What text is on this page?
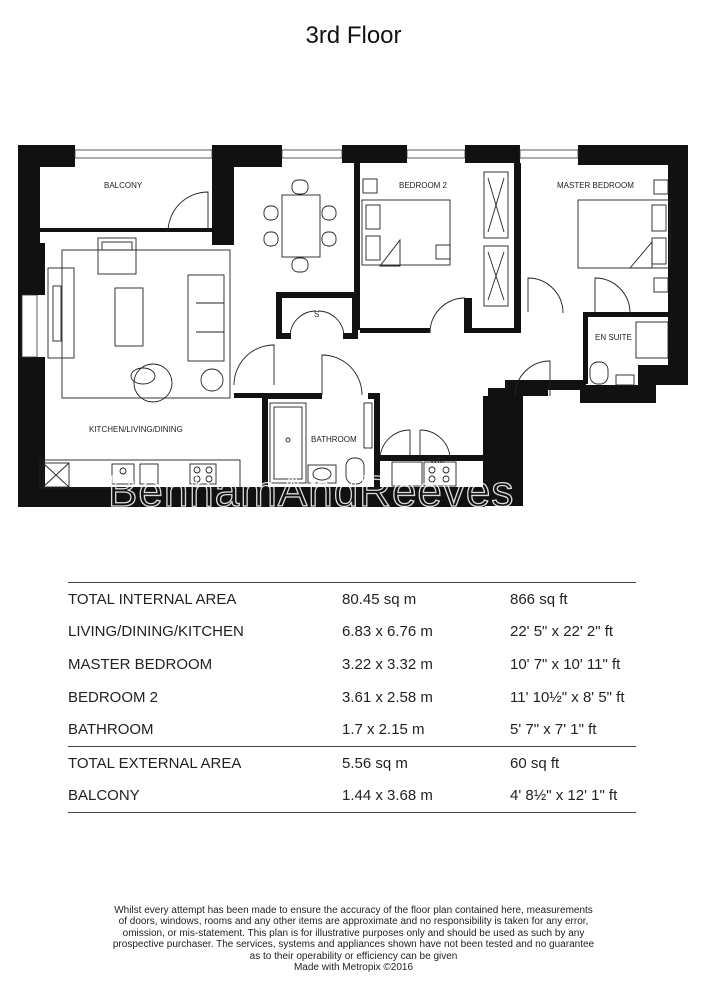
3rd Floor
BALCONY	BEDROOM 2	MASTER BEDROOM
S
EN SUITE
KITCHEN/LIVING/DINING
BATHROOM
WM
BenhamAndReeves
TOTAL INTERNAL AREA	80.45 sq m	866 sq ft
LIVING/DINING/KITCHEN	6.83 x 6.76 m	22' 5" x 22' 2" ft
MASTER BEDROOM	3.22 x 3.32 m	10' 7" x 10' 11" ft
BEDROOM 2	3.61 x 2.58 m	11' 10½" x 8' 5" ft
BATHROOM	1.7 x 2.15 m	5' 7" x 7' 1" ft
TOTAL EXTERNAL AREA	5.56 sq m	60 sq ft
BALCONY	1.44 x 3.68 m	4' 8½" x 12' 1" ft
Whilst every attempt has been made to ensure the accuracy of the floor plan contained here, measurements
of doors, windows, rooms and any other items are approximate and no responsibility is taken for any error,
omission, or mis-statement. This plan is for illustrative purposes only and should be used as such by any
prospective purchaser. The services, systems and appliances shown have not been tested and no guarantee
as to their operability or efficiency can be given
Made with Metropix ©2016
